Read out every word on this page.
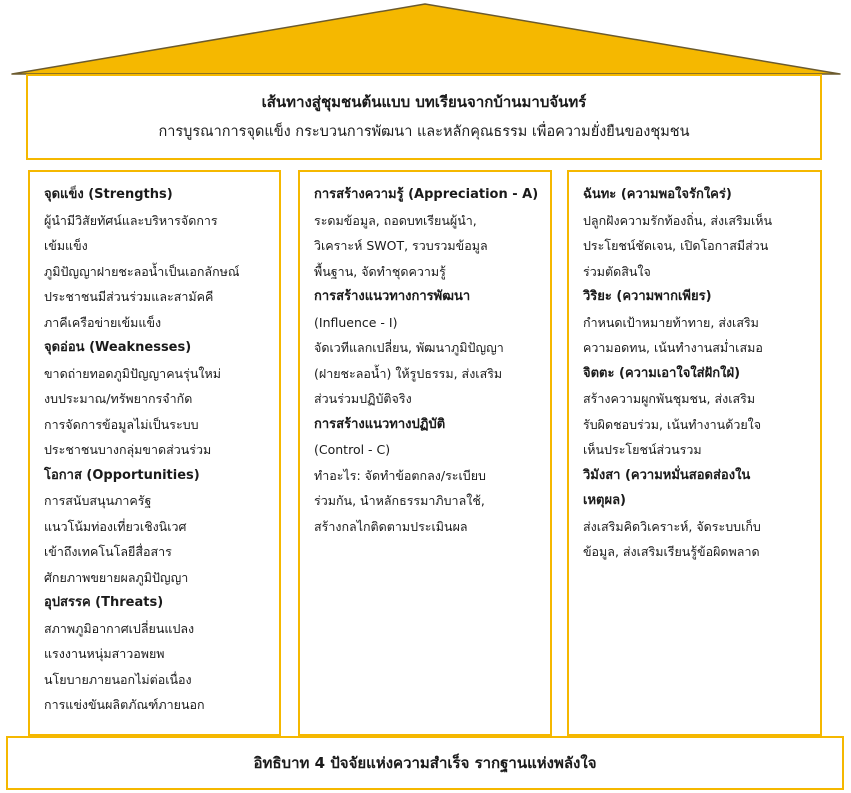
เส้นทางสู่ชุมชนต้นแบบ บทเรียนจากบ้านมาบจันทร์
การบูรณาการจุดแข็ง กระบวนการพัฒนา และหลักคุณธรรม เพื่อความยั่งยืนของชุมชน
จุดแข็ง (Strengths)
ผู้นำมีวิสัยทัศน์และบริหารจัดการ
เข้มแข็ง
ภูมิปัญญาฝายชะลอน้ำเป็นเอกลักษณ์
ประชาชนมีส่วนร่วมและสามัคคี
ภาคีเครือข่ายเข้มแข็ง
จุดอ่อน (Weaknesses)
ขาดถ่ายทอดภูมิปัญญาคนรุ่นใหม่
งบประมาณ/ทรัพยากรจำกัด
การจัดการข้อมูลไม่เป็นระบบ
ประชาชนบางกลุ่มขาดส่วนร่วม
โอกาส (Opportunities)
การสนับสนุนภาครัฐ
แนวโน้มท่องเที่ยวเชิงนิเวศ
เข้าถึงเทคโนโลยีสื่อสาร
ศักยภาพขยายผลภูมิปัญญา
อุปสรรค (Threats)
สภาพภูมิอากาศเปลี่ยนแปลง
แรงงานหนุ่มสาวอพยพ
นโยบายภายนอกไม่ต่อเนื่อง
การแข่งขันผลิตภัณฑ์ภายนอก
การสร้างความรู้ (Appreciation - A)
ระดมข้อมูล, ถอดบทเรียนผู้นำ,
วิเคราะห์ SWOT, รวบรวมข้อมูล
พื้นฐาน, จัดทำชุดความรู้
การสร้างแนวทางการพัฒนา
(Influence - I)
จัดเวทีแลกเปลี่ยน, พัฒนาภูมิปัญญา
(ฝายชะลอน้ำ) ให้รูปธรรม, ส่งเสริม
ส่วนร่วมปฏิบัติจริง
การสร้างแนวทางปฏิบัติ
(Control - C)
ทำอะไร: จัดทำข้อตกลง/ระเบียบ
ร่วมกัน, นำหลักธรรมาภิบาลใช้,
สร้างกลไกติดตามประเมินผล
ฉันทะ (ความพอใจรักใคร่)
ปลูกฝังความรักท้องถิ่น, ส่งเสริมเห็น
ประโยชน์ชัดเจน, เปิดโอกาสมีส่วน
ร่วมตัดสินใจ
วิริยะ (ความพากเพียร)
กำหนดเป้าหมายท้าทาย, ส่งเสริม
ความอดทน, เน้นทำงานสม่ำเสมอ
จิตตะ (ความเอาใจใส่ฝักใฝ่)
สร้างความผูกพันชุมชน, ส่งเสริม
รับผิดชอบร่วม, เน้นทำงานด้วยใจ
เห็นประโยชน์ส่วนรวม
วิมังสา (ความหมั่นสอดส่องใน
เหตุผล)
ส่งเสริมคิดวิเคราะห์, จัดระบบเก็บ
ข้อมูล, ส่งเสริมเรียนรู้ข้อผิดพลาด
อิทธิบาท 4 ปัจจัยแห่งความสำเร็จ รากฐานแห่งพลังใจ
